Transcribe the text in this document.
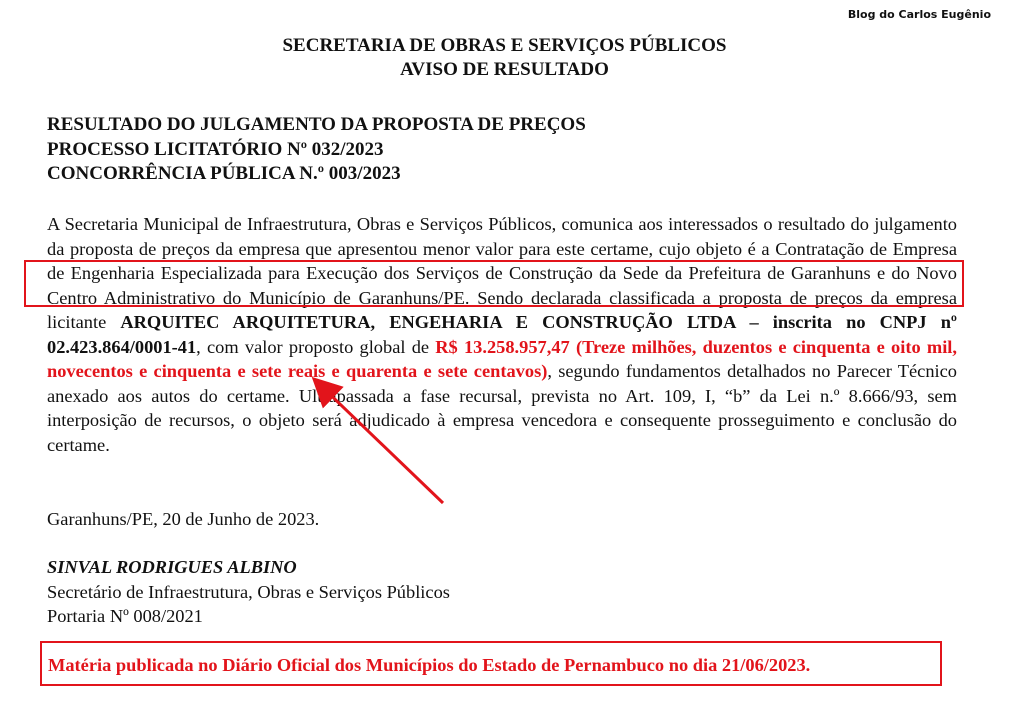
Blog do Carlos Eugênio
SECRETARIA DE OBRAS E SERVIÇOS PÚBLICOS
AVISO DE RESULTADO
RESULTADO DO JULGAMENTO DA PROPOSTA DE PREÇOS
PROCESSO LICITATÓRIO Nº 032/2023
CONCORRÊNCIA PÚBLICA N.º 003/2023
A Secretaria Municipal de Infraestrutura, Obras e Serviços Públicos, comunica aos interessados o resultado do julgamento da proposta de preços da empresa que apresentou menor valor para este certame, cujo objeto é a Contratação de Empresa de Engenharia Especializada para Execução dos Serviços de Construção da Sede da Prefeitura de Garanhuns e do Novo Centro Administrativo do Município de Garanhuns/PE. Sendo declarada classificada a proposta de preços da empresa licitante ARQUITEC ARQUITETURA, ENGEHARIA E CONSTRUÇÃO LTDA – inscrita no CNPJ nº 02.423.864/0001-41, com valor proposto global de R$ 13.258.957,47 (Treze milhões, duzentos e cinquenta e oito mil, novecentos e cinquenta e sete reais e quarenta e sete centavos), segundo fundamentos detalhados no Parecer Técnico anexado aos autos do certame. Ultrapassada a fase recursal, prevista no Art. 109, I, “b” da Lei n.º 8.666/93, sem interposição de recursos, o objeto será adjudicado à empresa vencedora e consequente prosseguimento e conclusão do certame.
Garanhuns/PE, 20 de Junho de 2023.
SINVAL RODRIGUES ALBINO
Secretário de Infraestrutura, Obras e Serviços Públicos
Portaria Nº 008/2021
Matéria publicada no Diário Oficial dos Municípios do Estado de Pernambuco no dia 21/06/2023.
